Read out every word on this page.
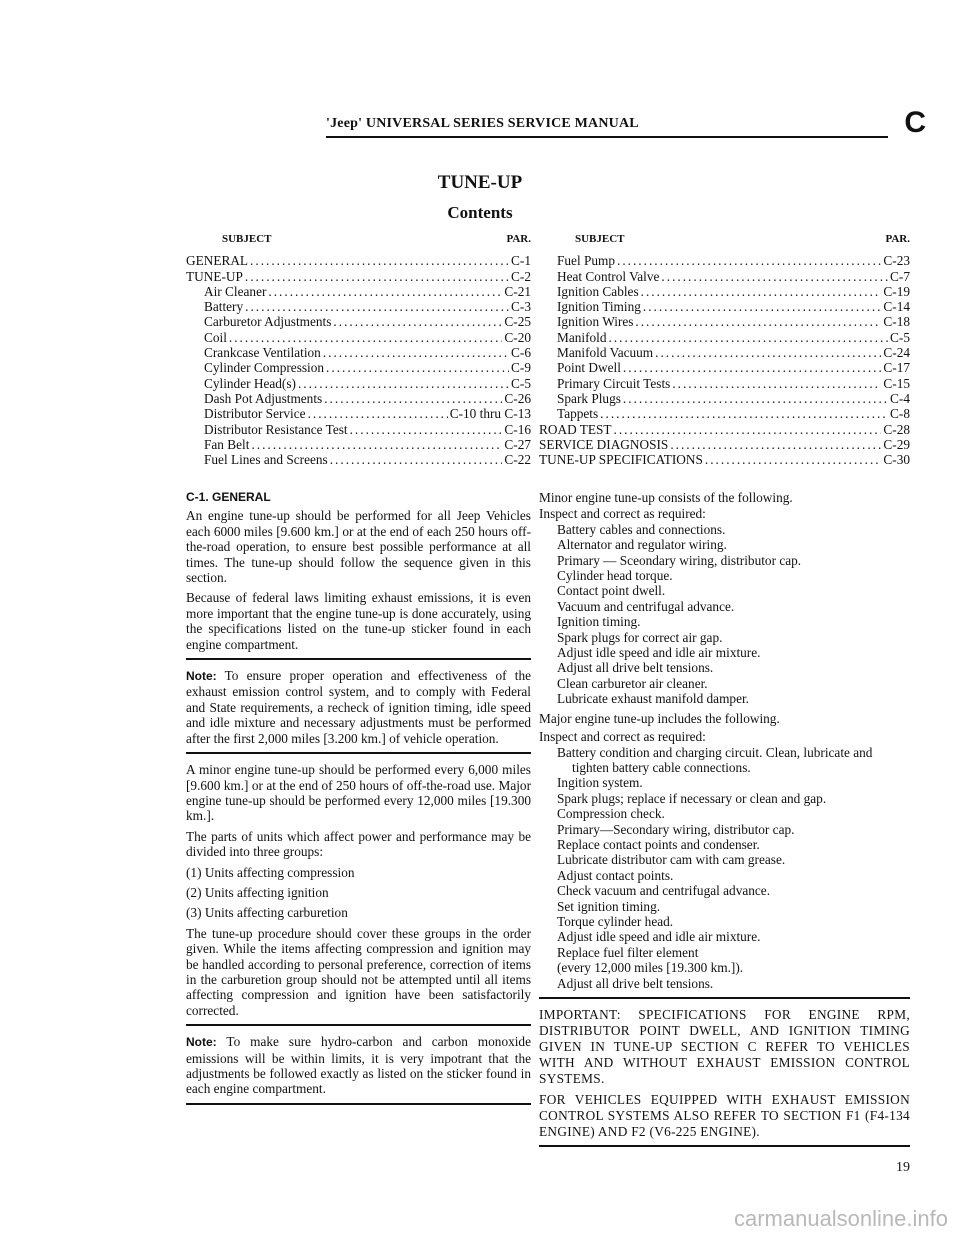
'Jeep' UNIVERSAL SERIES SERVICE MANUAL	C
TUNE-UP
Contents
SUBJECT	PAR.
GENERAL .....	C-1
TUNE-UP .....	C-2
Air Cleaner .....	C-21
Battery .....	C-3
Carburetor Adjustments .....	C-25
Coil .....	C-20
Crankcase Ventilation .....	C-6
Cylinder Compression .....	C-9
Cylinder Head(s) .....	C-5
Dash Pot Adjustments .....	C-26
Distributor Service .....	C-10 thru C-13
Distributor Resistance Test .....	C-16
Fan Belt .....	C-27
Fuel Lines and Screens .....	C-22
SUBJECT	PAR.
Fuel Pump .....	C-23
Heat Control Valve .....	C-7
Ignition Cables .....	C-19
Ignition Timing .....	C-14
Ignition Wires .....	C-18
Manifold .....	C-5
Manifold Vacuum .....	C-24
Point Dwell .....	C-17
Primary Circuit Tests .....	C-15
Spark Plugs .....	C-4
Tappets .....	C-8
ROAD TEST .....	C-28
SERVICE DIAGNOSIS .....	C-29
TUNE-UP SPECIFICATIONS .....	C-30
C-1. GENERAL

An engine tune-up should be performed for all Jeep Vehicles each 6000 miles [9.600 km.] or at the end of each 250 hours off-the-road operation, to ensure best possible performance at all times. The tune-up should follow the sequence given in this section.

Because of federal laws limiting exhaust emissions, it is even more important that the engine tune-up is done accurately, using the specifications listed on the tune-up sticker found in each engine compartment.

Note: To ensure proper operation and effectiveness of the exhaust emission control system, and to comply with Federal and State requirements, a recheck of ignition timing, idle speed and idle mixture and necessary adjustments must be performed after the first 2,000 miles [3.200 km.] of vehicle operation.

A minor engine tune-up should be performed every 6,000 miles [9.600 km.] or at the end of 250 hours of off-the-road use. Major engine tune-up should be performed every 12,000 miles [19.300 km.].

The parts of units which affect power and performance may be divided into three groups:

(1) Units affecting compression
(2) Units affecting ignition
(3) Units affecting carburetion

The tune-up procedure should cover these groups in the order given. While the items affecting compression and ignition may be handled according to personal preference, correction of items in the carburetion group should not be attempted until all items affecting compression and ignition have been satisfactorily corrected.

Note: To make sure hydro-carbon and carbon monoxide emissions will be within limits, it is very impotrant that the adjustments be followed exactly as listed on the sticker found in each engine compartment.

Minor engine tune-up consists of the following.

Inspect and correct as required:
Battery cables and connections.
Alternator and regulator wiring.
Primary — Sceondary wiring, distributor cap.
Cylinder head torque.
Contact point dwell.
Vacuum and centrifugal advance.
Ignition timing.
Spark plugs for correct air gap.
Adjust idle speed and idle air mixture.
Adjust all drive belt tensions.
Clean carburetor air cleaner.
Lubricate exhaust manifold damper.
Major engine tune-up includes the following.
Inspect and correct as required:
Battery condition and charging circuit. Clean, lubricate and tighten battery cable connections.
Ingition system.
Spark plugs; replace if necessary or clean and gap.
Compression check.
Primary—Secondary wiring, distributor cap.
Replace contact points and condenser.
Lubricate distributor cam with cam grease.
Adjust contact points.
Check vacuum and centrifugal advance.
Set ignition timing.
Torque cylinder head.
Adjust idle speed and idle air mixture.
Replace fuel filter element
(every 12,000 miles [19.300 km.]).
Adjust all drive belt tensions.

IMPORTANT: SPECIFICATIONS FOR ENGINE RPM, DISTRIBUTOR POINT DWELL, AND IGNITION TIMING GIVEN IN TUNE-UP SECTION C REFER TO VEHICLES WITH AND WITHOUT EXHAUST EMISSION CONTROL SYSTEMS.

FOR VEHICLES EQUIPPED WITH EXHAUST EMISSION CONTROL SYSTEMS ALSO REFER TO SECTION F1 (F4-134 ENGINE) AND F2 (V6-225 ENGINE).

19
carmanualsonline.info
